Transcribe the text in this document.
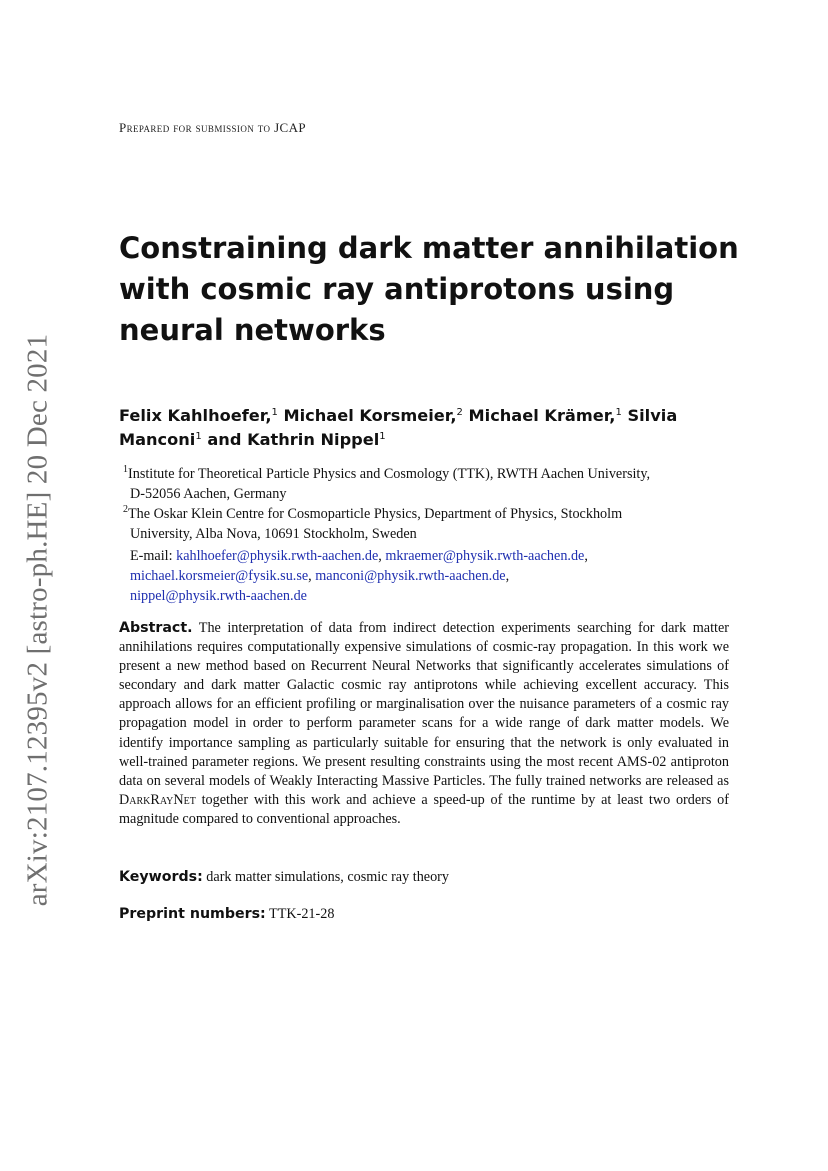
arXiv:2107.12395v2 [astro-ph.HE] 20 Dec 2021
Prepared for submission to JCAP
Constraining dark matter annihilation
with cosmic ray antiprotons using
neural networks
Felix Kahlhoefer,$^1$ Michael Korsmeier,$^2$ Michael Krämer,$^1$ Silvia Manconi$^1$ and Kathrin Nippel$^1$
$^1$Institute for Theoretical Particle Physics and Cosmology (TTK), RWTH Aachen University,
D-52056 Aachen, Germany
$^2$The Oskar Klein Centre for Cosmoparticle Physics, Department of Physics, Stockholm
University, Alba Nova, 10691 Stockholm, Sweden
E-mail: kahlhoefer@physik.rwth-aachen.de, mkraemer@physik.rwth-aachen.de,
michael.korsmeier@fysik.su.se, manconi@physik.rwth-aachen.de,
nippel@physik.rwth-aachen.de
Abstract. The interpretation of data from indirect detection experiments searching for dark matter annihilations requires computationally expensive simulations of cosmic-ray propagation. In this work we present a new method based on Recurrent Neural Networks that significantly accelerates simulations of secondary and dark matter Galactic cosmic ray antiprotons while achieving excellent accuracy. This approach allows for an efficient profiling or marginalisation over the nuisance parameters of a cosmic ray propagation model in order to perform parameter scans for a wide range of dark matter models. We identify importance sampling as particularly suitable for ensuring that the network is only evaluated in well-trained parameter regions. We present resulting constraints using the most recent AMS-02 antiproton data on several models of Weakly Interacting Massive Particles. The fully trained networks are released as DarkRayNet together with this work and achieve a speed-up of the runtime by at least two orders of magnitude compared to conventional approaches.
Keywords: dark matter simulations, cosmic ray theory
Preprint numbers: TTK-21-28
